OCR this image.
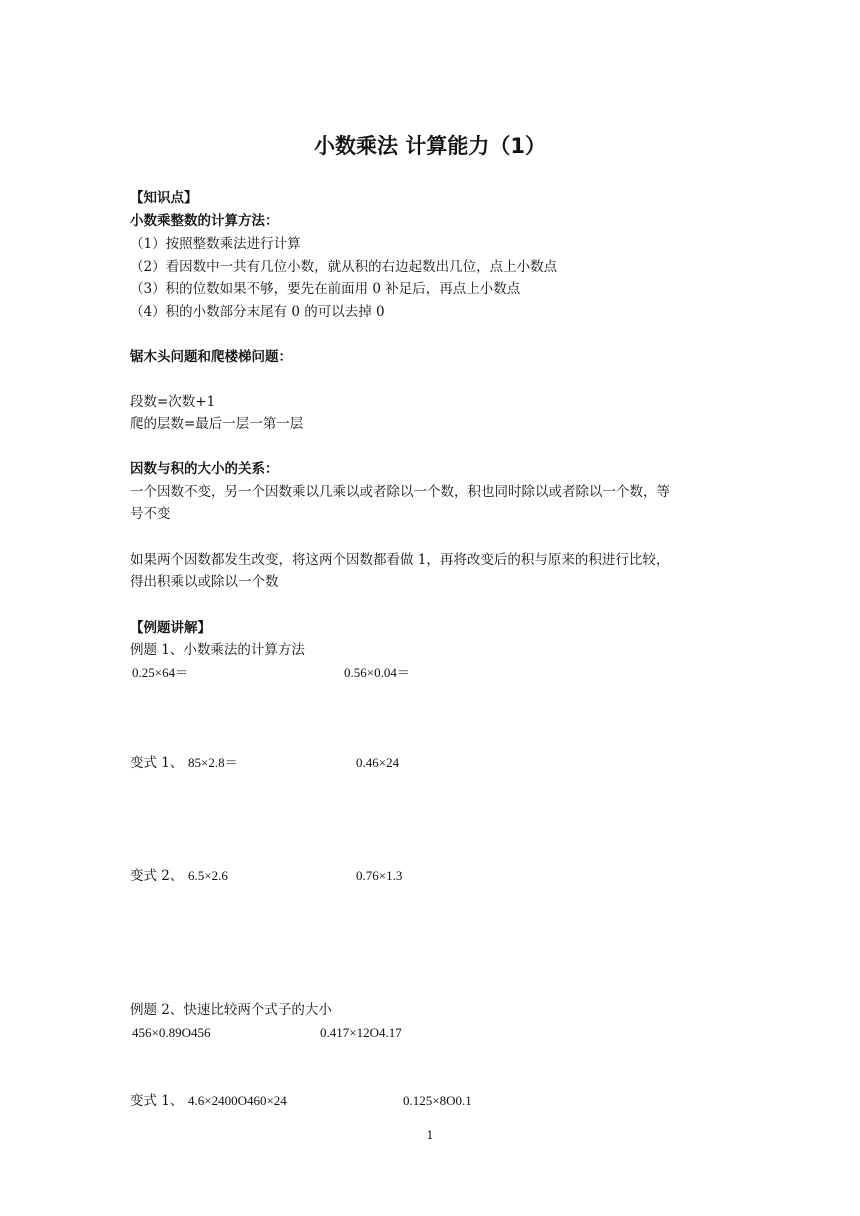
小数乘法 计算能力（1）
【知识点】
小数乘整数的计算方法：
（1）按照整数乘法进行计算
（2）看因数中一共有几位小数，就从积的右边起数出几位，点上小数点
（3）积的位数如果不够，要先在前面用 0 补足后，再点上小数点
（4）积的小数部分末尾有 0 的可以去掉 0
锯木头问题和爬楼梯问题：
段数=次数+1
爬的层数=最后一层一第一层
因数与积的大小的关系：
一个因数不变，另一个因数乘以几乘以或者除以一个数，积也同时除以或者除以一个数，等
号不变
如果两个因数都发生改变，将这两个因数都看做 1，再将改变后的积与原来的积进行比较，
得出积乘以或除以一个数
【例题讲解】
例题 1、小数乘法的计算方法
0.25×64＝	0.56×0.04＝
变式 1、 85×2.8＝	0.46×24
变式 2、 6.5×2.6	0.76×1.3
例题 2、快速比较两个式子的大小
456×0.89O456	0.417×12O4.17
变式 1、 4.6×2400O460×24	0.125×8O0.1
1
